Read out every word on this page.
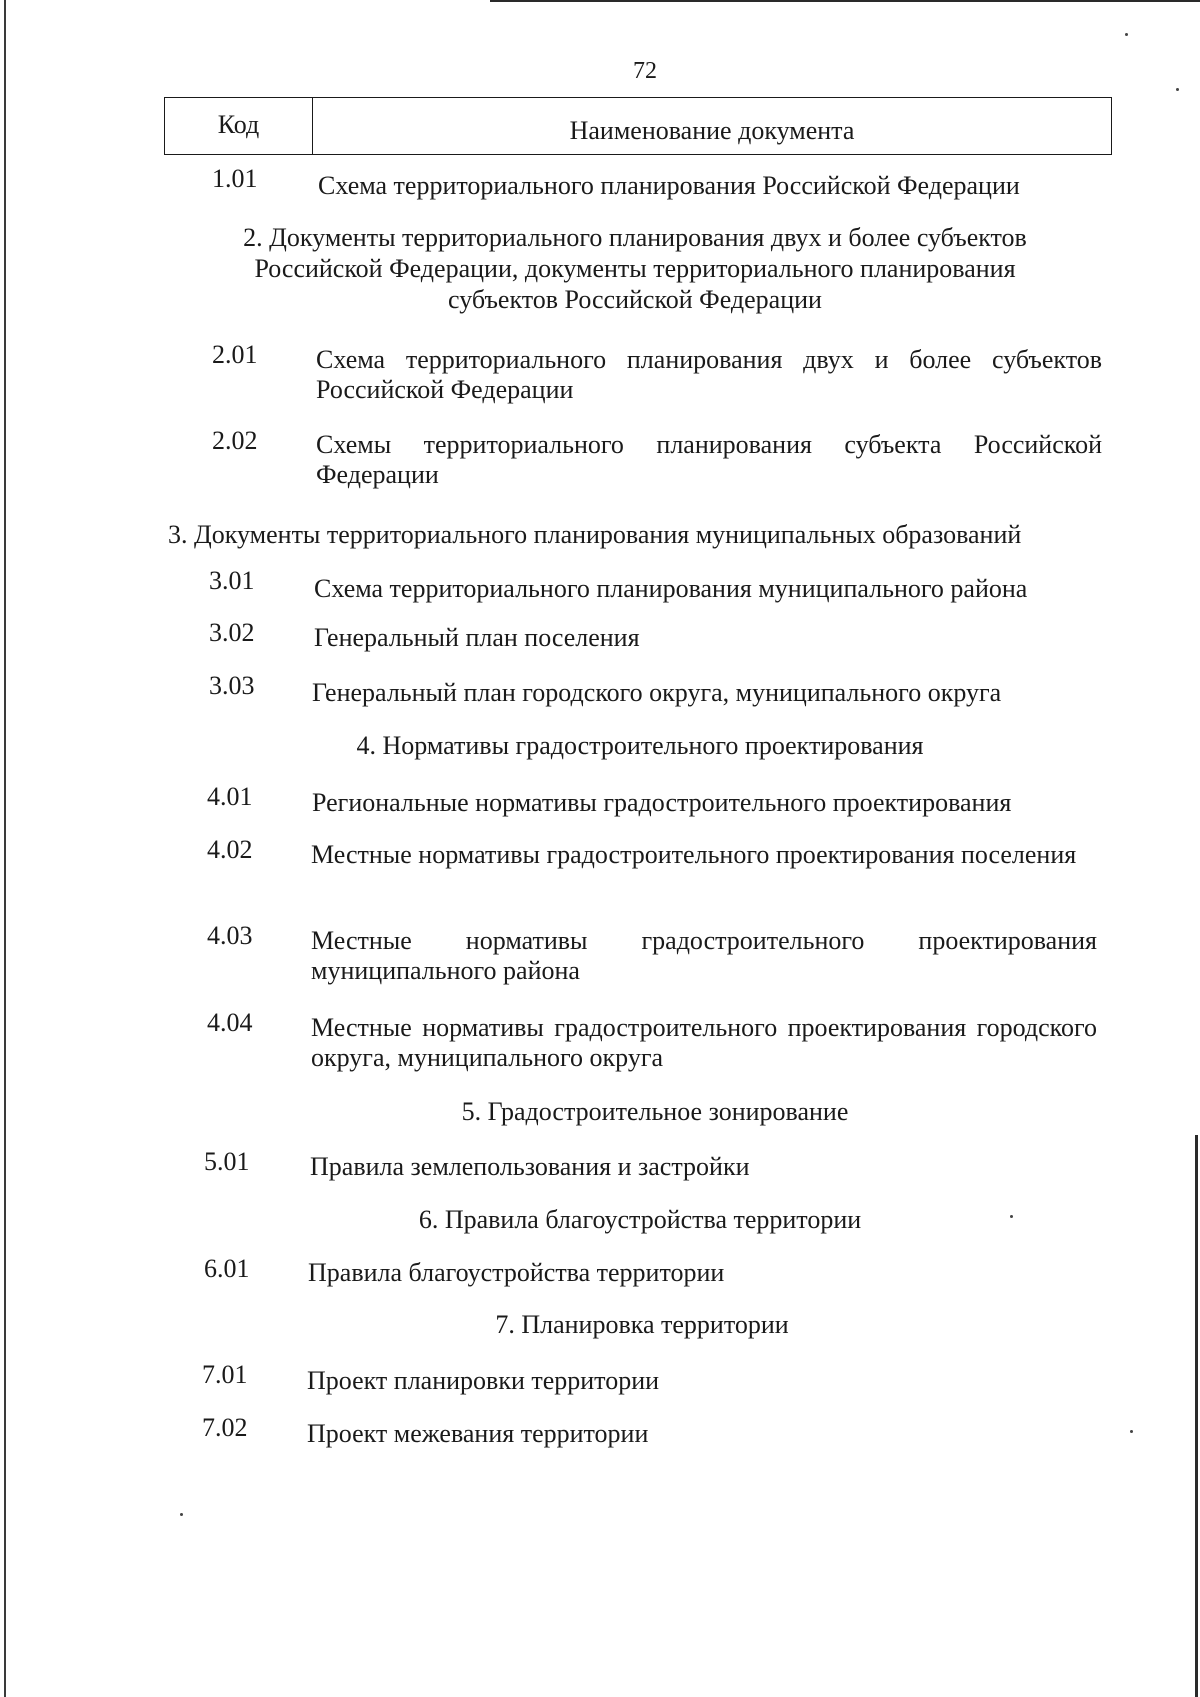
72
Код	Наименование документа
1.01 Схема территориального планирования Российской Федерации
2. Документы территориального планирования двух и более субъектов Российской Федерации, документы территориального планирования субъектов Российской Федерации
2.01 Схема территориального планирования двух и более субъектов Российской Федерации
2.02 Схемы территориального планирования субъекта Российской Федерации
3. Документы территориального планирования муниципальных образований
3.01 Схема территориального планирования муниципального района
3.02 Генеральный план поселения
3.03 Генеральный план городского округа, муниципального округа
4. Нормативы градостроительного проектирования
4.01 Региональные нормативы градостроительного проектирования
4.02 Местные нормативы градостроительного проектирования поселения
4.03 Местные нормативы градостроительного проектирования муниципального района
4.04 Местные нормативы градостроительного проектирования городского округа, муниципального округа
5. Градостроительное зонирование
5.01 Правила землепользования и застройки
6. Правила благоустройства территории
6.01 Правила благоустройства территории
7. Планировка территории
7.01 Проект планировки территории
7.02 Проект межевания территории
